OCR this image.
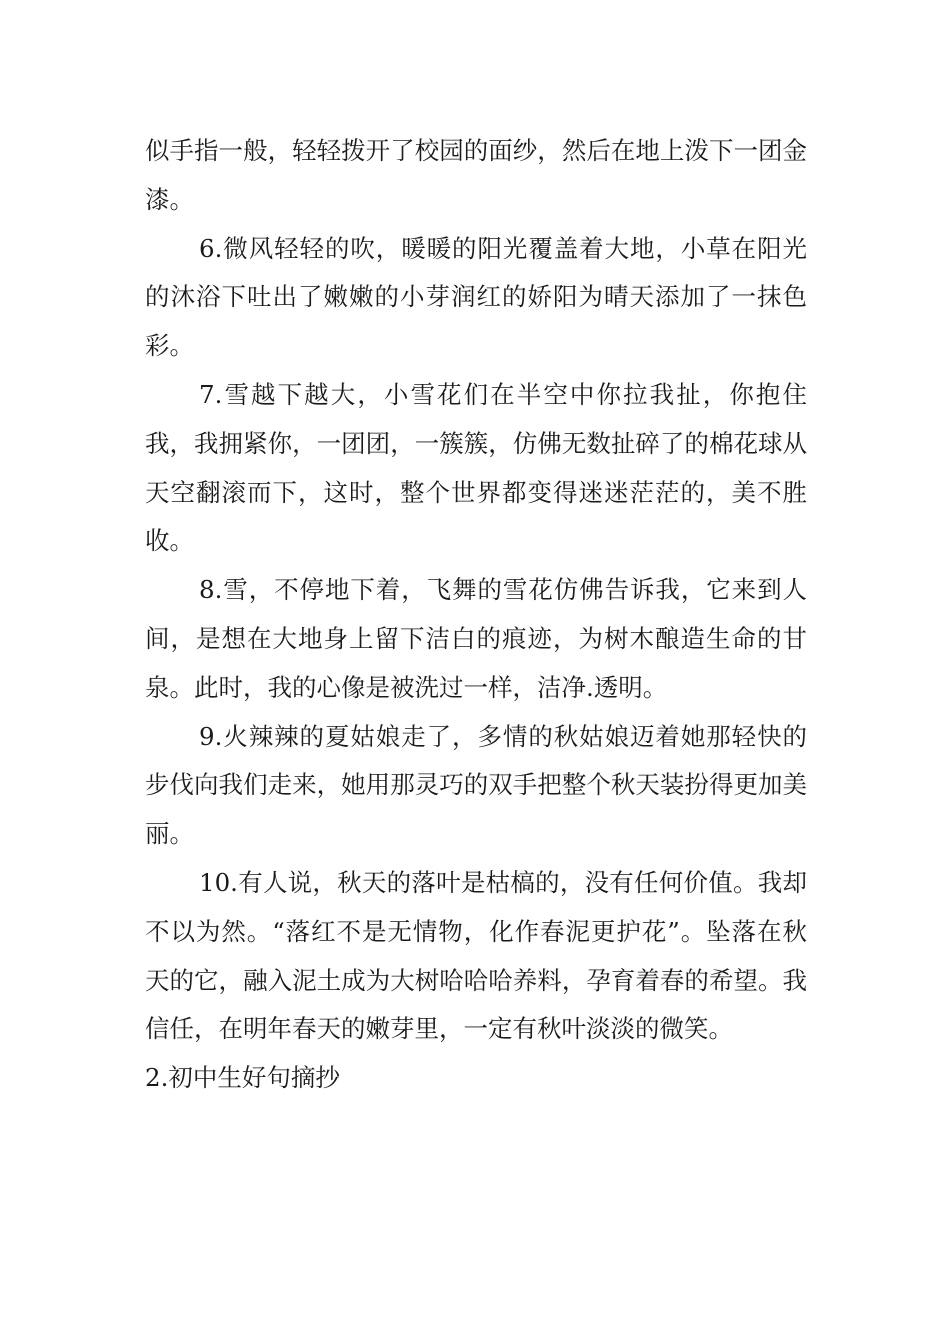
似手指一般，轻轻拨开了校园的面纱，然后在地上泼下一团金漆。

6.微风轻轻的吹，暖暖的阳光覆盖着大地，小草在阳光的沐浴下吐出了嫩嫩的小芽润红的娇阳为晴天添加了一抹色彩。

7.雪越下越大，小雪花们在半空中你拉我扯，你抱住我，我拥紧你，一团团，一簇簇，仿佛无数扯碎了的棉花球从天空翻滚而下，这时，整个世界都变得迷迷茫茫的，美不胜收。

8.雪，不停地下着，飞舞的雪花仿佛告诉我，它来到人间，是想在大地身上留下洁白的痕迹，为树木酿造生命的甘泉。此时，我的心像是被洗过一样，洁净.透明。

9.火辣辣的夏姑娘走了，多情的秋姑娘迈着她那轻快的步伐向我们走来，她用那灵巧的双手把整个秋天装扮得更加美丽。

10.有人说，秋天的落叶是枯槁的，没有任何价值。我却不以为然。“落红不是无情物，化作春泥更护花”。坠落在秋天的它，融入泥土成为大树哈哈哈养料，孕育着春的希望。我信任，在明年春天的嫩芽里，一定有秋叶淡淡的微笑。

2.初中生好句摘抄
